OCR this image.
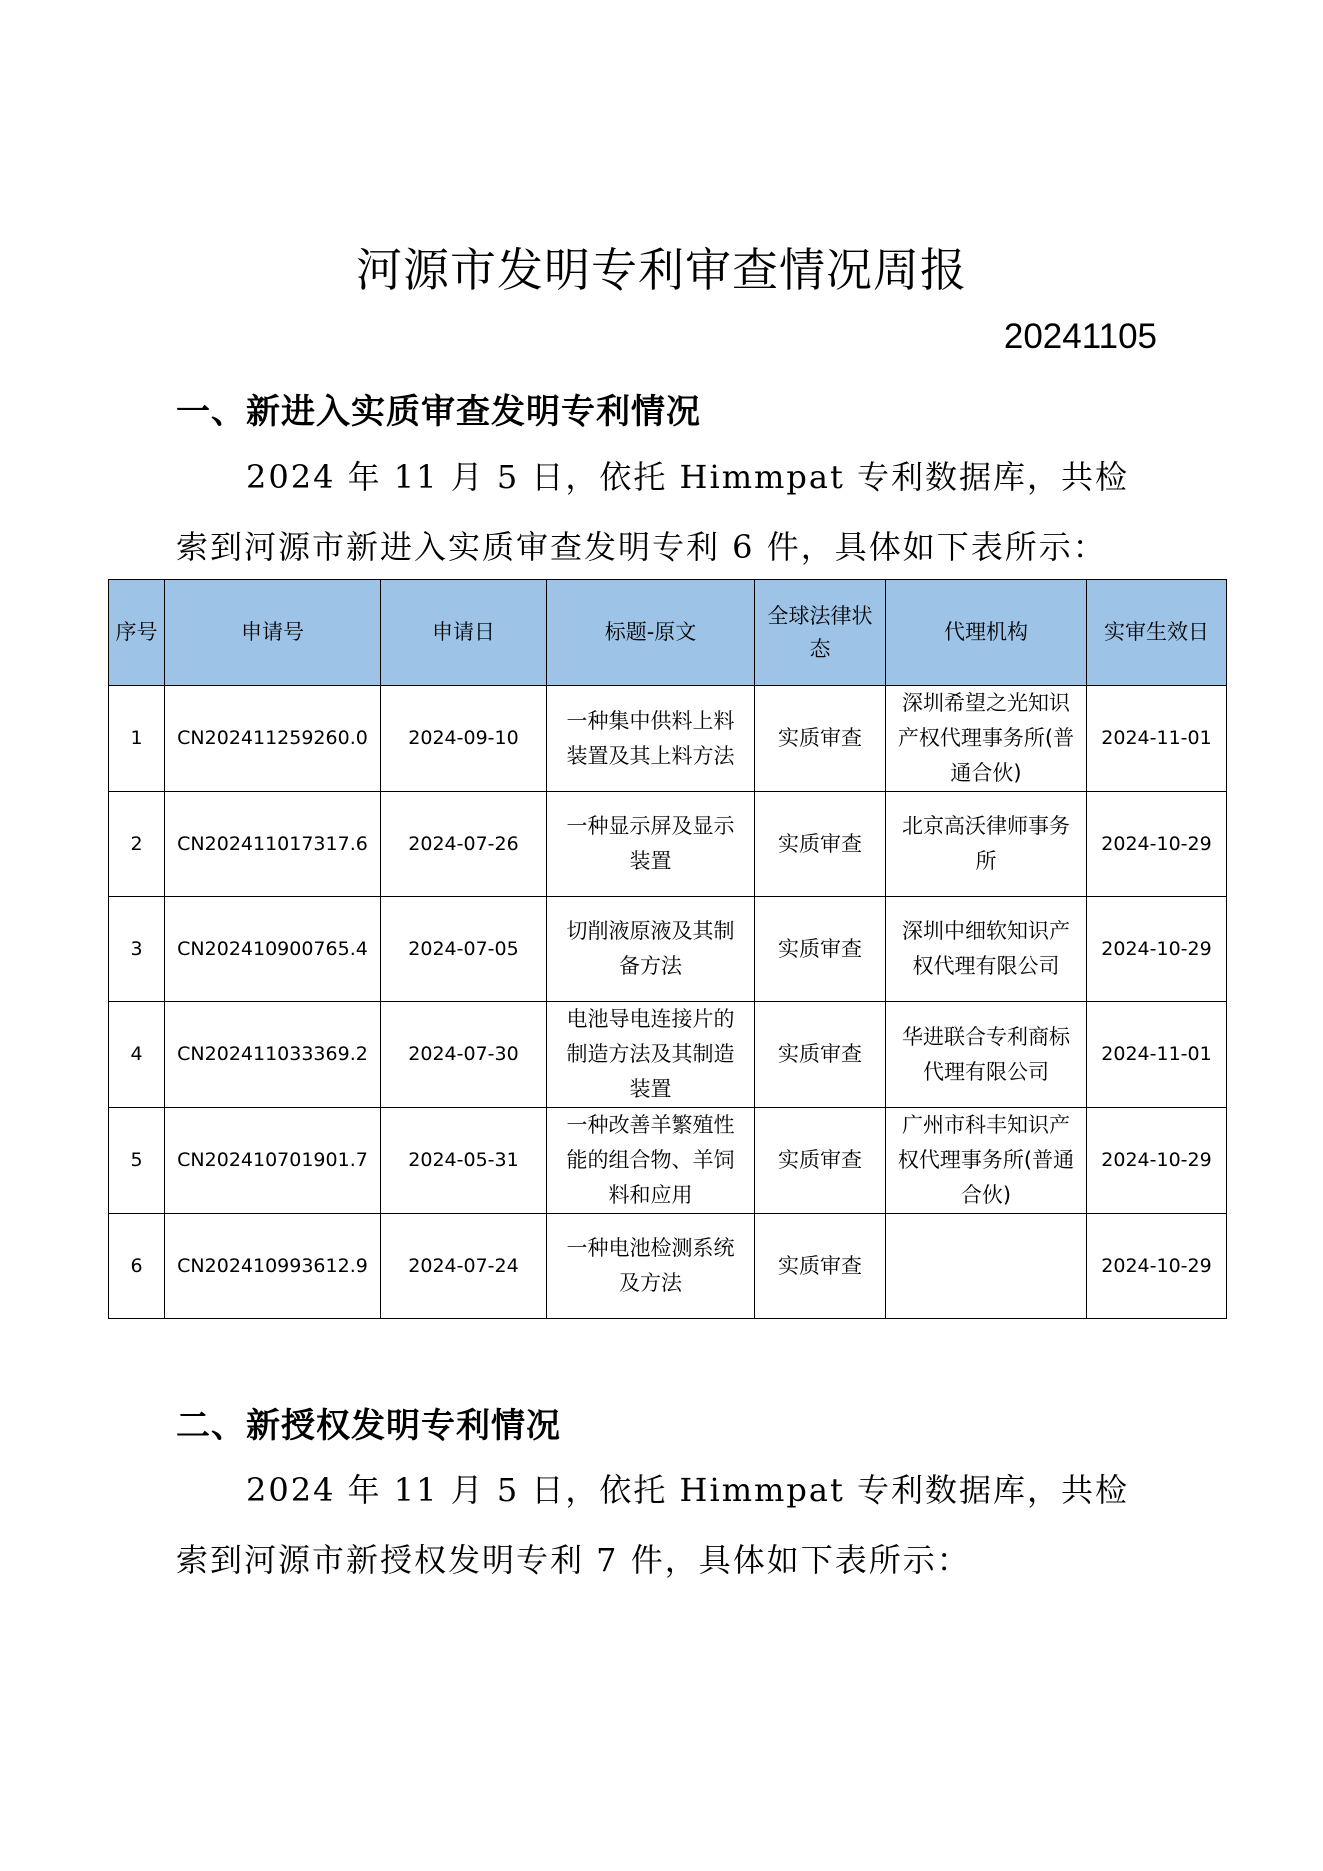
河源市发明专利审查情况周报
20241105
一、新进入实质审查发明专利情况
2024 年 11 月 5 日，依托 Himmpat 专利数据库，共检索到河源市新进入实质审查发明专利 6 件，具体如下表所示：
序号	申请号	申请日	标题-原文	全球法律状态	代理机构	实审生效日
1	CN202411259260.0	2024-09-10	一种集中供料上料装置及其上料方法	实质审查	深圳希望之光知识产权代理事务所(普通合伙)	2024-11-01
2	CN202411017317.6	2024-07-26	一种显示屏及显示装置	实质审查	北京高沃律师事务所	2024-10-29
3	CN202410900765.4	2024-07-05	切削液原液及其制备方法	实质审查	深圳中细软知识产权代理有限公司	2024-10-29
4	CN202411033369.2	2024-07-30	电池导电连接片的制造方法及其制造装置	实质审查	华进联合专利商标代理有限公司	2024-11-01
5	CN202410701901.7	2024-05-31	一种改善羊繁殖性能的组合物、羊饲料和应用	实质审查	广州市科丰知识产权代理事务所(普通合伙)	2024-10-29
6	CN202410993612.9	2024-07-24	一种电池检测系统及方法	实质审查		2024-10-29
二、新授权发明专利情况
2024 年 11 月 5 日，依托 Himmpat 专利数据库，共检索到河源市新授权发明专利 7 件，具体如下表所示：
